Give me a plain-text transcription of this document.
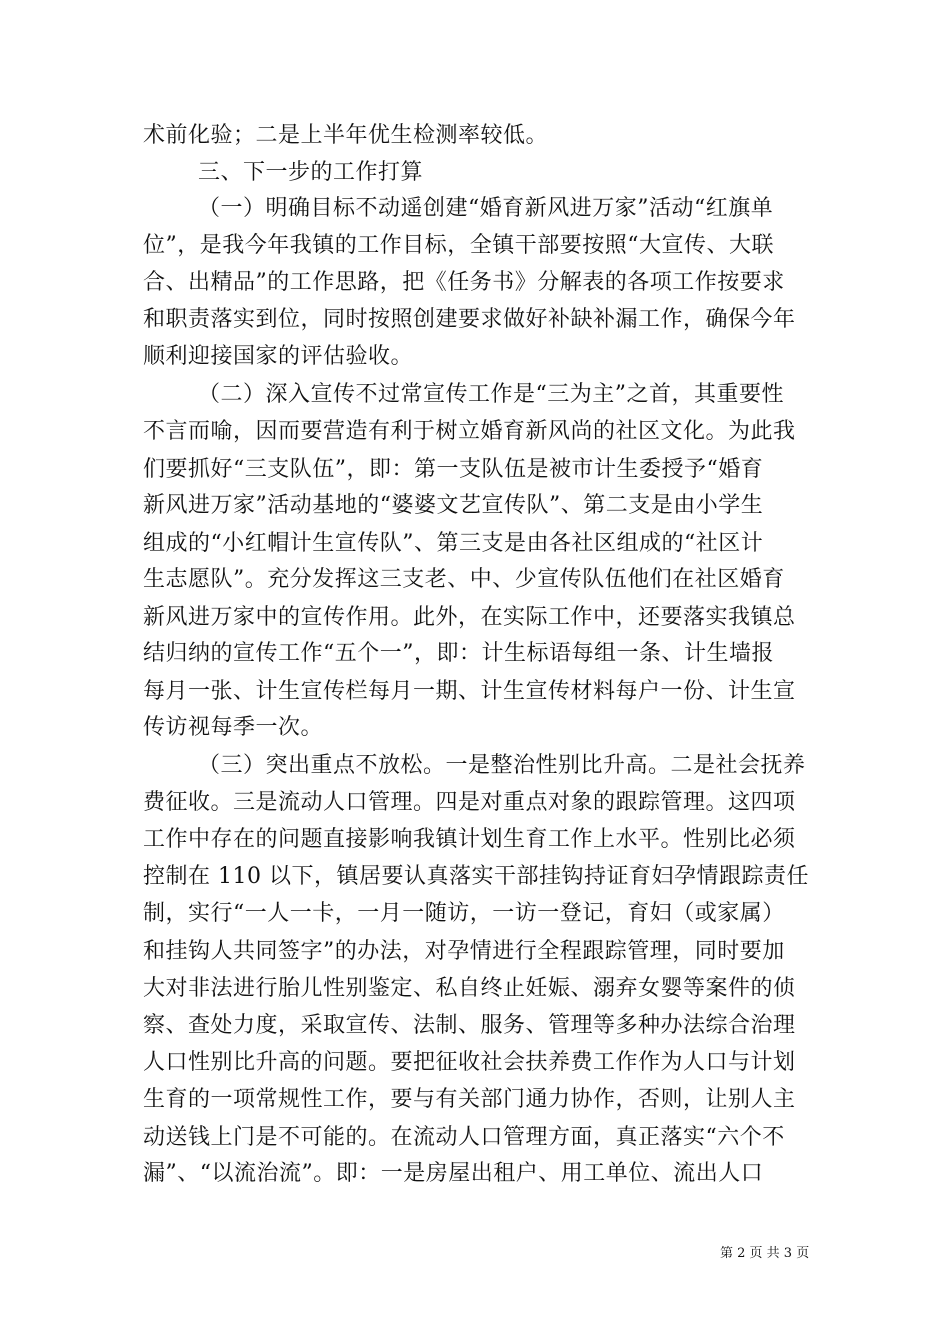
术前化验；二是上半年优生检测率较低。
三、下一步的工作打算
（一）明确目标不动遥创建“婚育新风进万家”活动“红旗单
位”，是我今年我镇的工作目标，全镇干部要按照“大宣传、大联
合、出精品”的工作思路，把《任务书》分解表的各项工作按要求
和职责落实到位，同时按照创建要求做好补缺补漏工作，确保今年
顺利迎接国家的评估验收。
（二）深入宣传不过常宣传工作是“三为主”之首，其重要性
不言而喻，因而要营造有利于树立婚育新风尚的社区文化。为此我
们要抓好“三支队伍”，即：第一支队伍是被市计生委授予“婚育
新风进万家”活动基地的“婆婆文艺宣传队”、第二支是由小学生
组成的“小红帽计生宣传队”、第三支是由各社区组成的“社区计
生志愿队”。充分发挥这三支老、中、少宣传队伍他们在社区婚育
新风进万家中的宣传作用。此外，在实际工作中，还要落实我镇总
结归纳的宣传工作“五个一”，即：计生标语每组一条、计生墙报
每月一张、计生宣传栏每月一期、计生宣传材料每户一份、计生宣
传访视每季一次。
（三）突出重点不放松。一是整治性别比升高。二是社会抚养
费征收。三是流动人口管理。四是对重点对象的跟踪管理。这四项
工作中存在的问题直接影响我镇计划生育工作上水平。性别比必须
控制在 110 以下，镇居要认真落实干部挂钩持证育妇孕情跟踪责任
制，实行“一人一卡，一月一随访，一访一登记，育妇（或家属）
和挂钩人共同签字”的办法，对孕情进行全程跟踪管理，同时要加
大对非法进行胎儿性别鉴定、私自终止妊娠、溺弃女婴等案件的侦
察、查处力度，采取宣传、法制、服务、管理等多种办法综合治理
人口性别比升高的问题。要把征收社会扶养费工作作为人口与计划
生育的一项常规性工作，要与有关部门通力协作，否则，让别人主
动送钱上门是不可能的。在流动人口管理方面，真正落实“六个不
漏”、“以流治流”。即：一是房屋出租户、用工单位、流出人口
第 2 页 共 3 页
